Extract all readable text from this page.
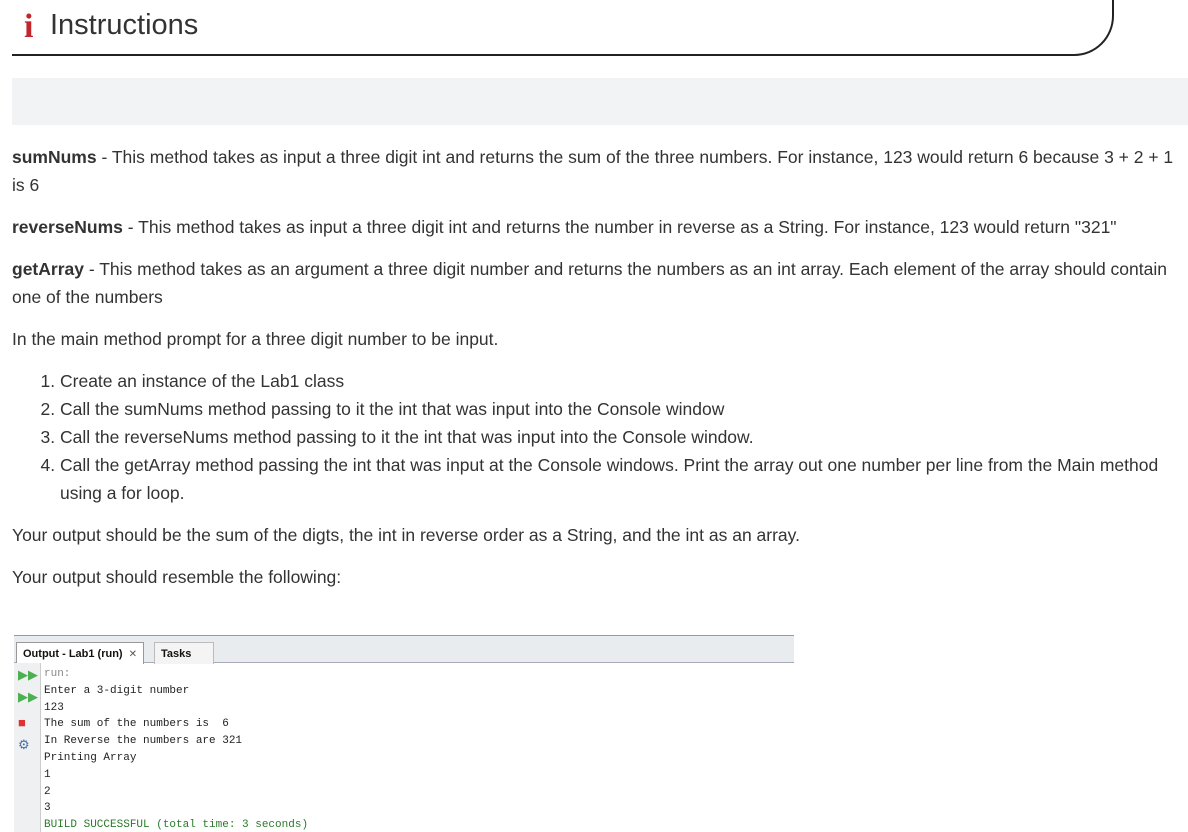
i Instructions

sumNums - This method takes as input a three digit int and returns the sum of the three numbers. For instance, 123 would return 6 because 3 + 2 + 1 is 6

reverseNums - This method takes as input a three digit int and returns the number in reverse as a String. For instance, 123 would return "321"

getArray - This method takes as an argument a three digit number and returns the numbers as an int array. Each element of the array should contain one of the numbers

In the main method prompt for a three digit number to be input.

1. Create an instance of the Lab1 class
2. Call the sumNums method passing to it the int that was input into the Console window
3. Call the reverseNums method passing to it the int that was input into the Console window.
4. Call the getArray method passing the int that was input at the Console windows. Print the array out one number per line from the Main method using a for loop.

Your output should be the sum of the digts, the int in reverse order as a String, and the int as an array.

Your output should resemble the following:

Output - Lab1 (run) ✕	Tasks
▶▶
▶▶
■
⚙
run:
Enter a 3-digit number
123
The sum of the numbers is  6
In Reverse the numbers are 321
Printing Array
1
2
3
BUILD SUCCESSFUL (total time: 3 seconds)
